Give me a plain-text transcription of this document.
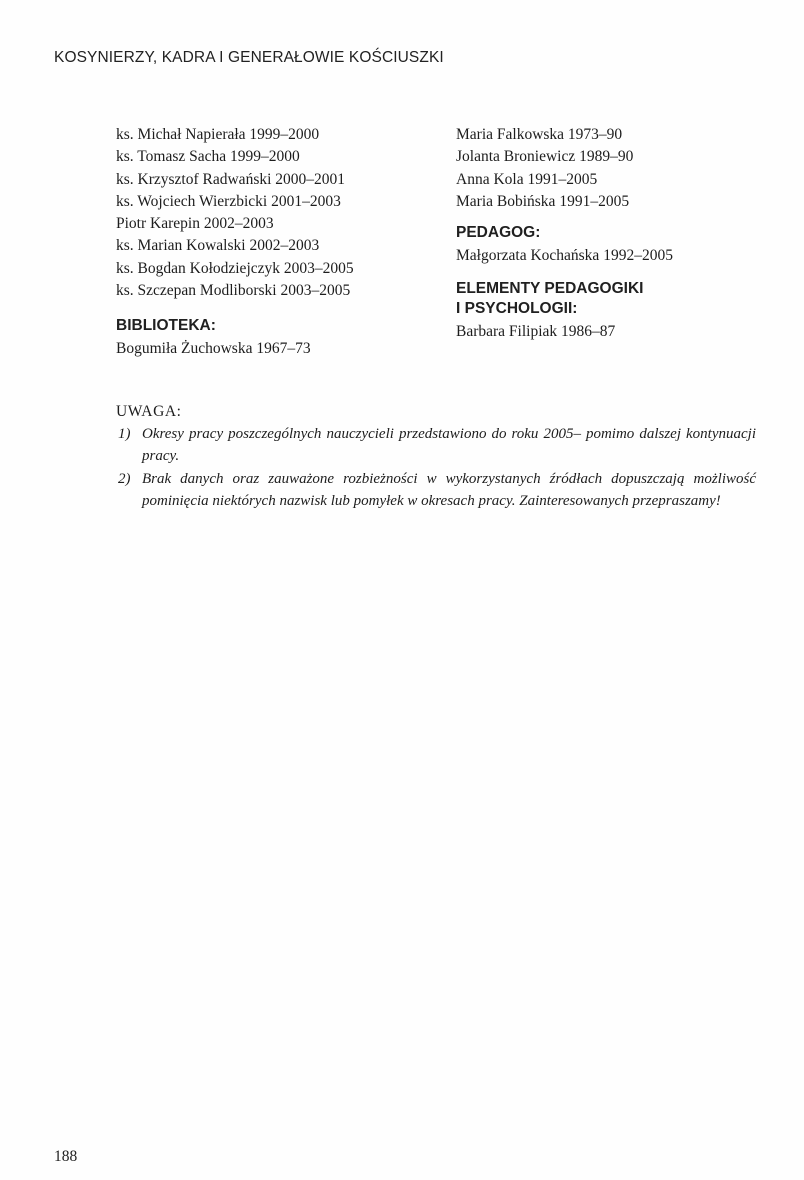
KOSYNIERZY, KADRA I GENERAŁOWIE KOŚCIUSZKI
ks. Michał Napierała 1999–2000
ks. Tomasz Sacha 1999–2000
ks. Krzysztof Radwański 2000–2001
ks. Wojciech Wierzbicki 2001–2003
Piotr Karepin 2002–2003
ks. Marian Kowalski 2002–2003
ks. Bogdan Kołodziejczyk 2003–2005
ks. Szczepan Modliborski 2003–2005
BIBLIOTEKA:
Bogumiła Żuchowska 1967–73
Maria Falkowska 1973–90
Jolanta Broniewicz 1989–90
Anna Kola 1991–2005
Maria Bobińska 1991–2005
PEDAGOG:
Małgorzata Kochańska 1992–2005
ELEMENTY PEDAGOGIKI
I PSYCHOLOGII:
Barbara Filipiak 1986–87
UWAGA:
1) Okresy pracy poszczególnych nauczycieli przedstawiono do roku 2005– pomimo dalszej kontynuacji pracy.
2) Brak danych oraz zauważone rozbieżności w wykorzystanych źródłach dopuszczają możliwość pominięcia niektórych nazwisk lub pomyłek w okresach pracy. Zainteresowanych przepraszamy!
188
